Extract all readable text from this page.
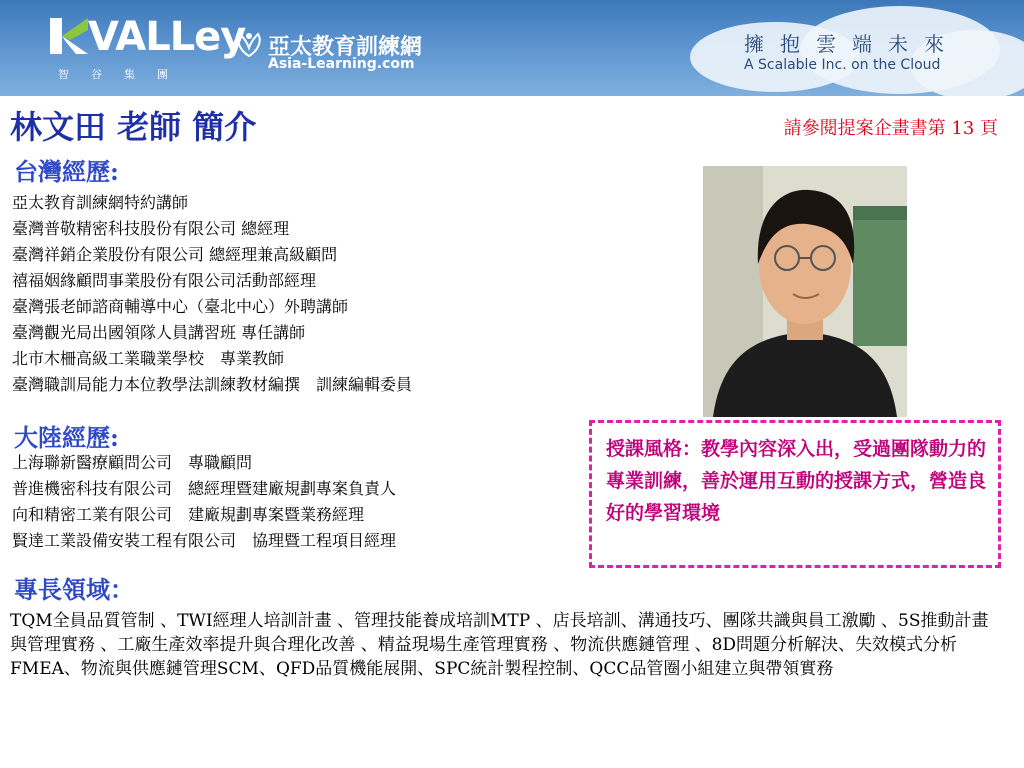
VALLey
智谷集團
亞太教育訓練網
Asia-Learning.com
擁抱雲端未來
A Scalable Inc. on the Cloud
林文田 老師 簡介	請參閱提案企畫書第 13 頁
台灣經歷:
亞太教育訓練網特約講師
臺灣普敬精密科技股份有限公司 總經理
臺灣祥銷企業股份有限公司 總經理兼高級顧問
禧福姻緣顧問事業股份有限公司活動部經理
臺灣張老師諮商輔導中心（臺北中心）外聘講師
臺灣觀光局出國領隊人員講習班 專任講師
北市木柵高級工業職業學校　專業教師
臺灣職訓局能力本位教學法訓練教材編撰　訓練編輯委員
大陸經歷:
上海聯新醫療顧問公司　專職顧問
普進機密科技有限公司　總經理暨建廠規劃專案負責人
向和精密工業有限公司　建廠規劃專案暨業務經理
賢達工業設備安裝工程有限公司　協理暨工程項目經理
授課風格：教學內容深入出，受過團隊動力的專業訓練，善於運用互動的授課方式，營造良好的學習環境
專長領域：

TQM全員品質管制 、TWI經理人培訓計畫 、管理技能養成培訓MTP 、店長培訓、溝通技巧、團隊共識與員工激勵 、5S推動計畫與管理實務 、工廠生產效率提升與合理化改善 、精益現場生產管理實務 、物流供應鏈管理 、8D問題分析解決、失效模式分析FMEA、物流與供應鏈管理SCM、QFD品質機能展開、SPC統計製程控制、QCC品管圈小組建立與帶領實務
